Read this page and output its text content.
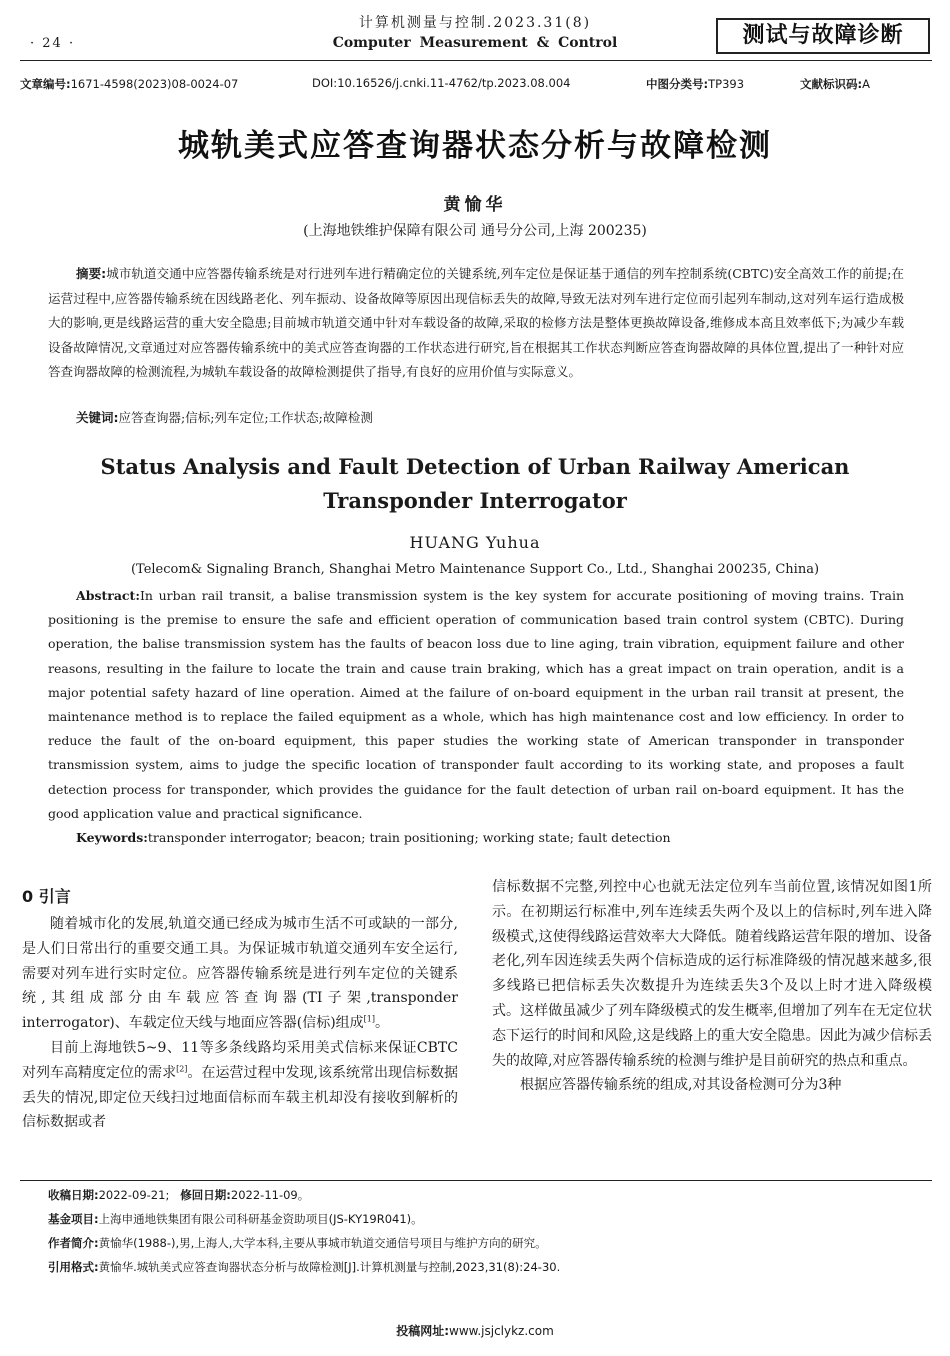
· 24 ·
计算机测量与控制.2023.31(8)
Computer Measurement & Control	测试与故障诊断
文章编号:1671-4598(2023)08-0024-07	DOI:10.16526/j.cnki.11-4762/tp.2023.08.004	中图分类号:TP393	文献标识码:A
城轨美式应答查询器状态分析与故障检测
黄愉华
(上海地铁维护保障有限公司 通号分公司,上海 200235)
摘要:城市轨道交通中应答器传输系统是对行进列车进行精确定位的关键系统,列车定位是保证基于通信的列车控制系统(CBTC)安全高效工作的前提;在运营过程中,应答器传输系统在因线路老化、列车振动、设备故障等原因出现信标丢失的故障,导致无法对列车进行定位而引起列车制动,这对列车运行造成极大的影响,更是线路运营的重大安全隐患;目前城市轨道交通中针对车载设备的故障,采取的检修方法是整体更换故障设备,维修成本高且效率低下;为减少车载设备故障情况,文章通过对应答器传输系统中的美式应答查询器的工作状态进行研究,旨在根据其工作状态判断应答查询器故障的具体位置,提出了一种针对应答查询器故障的检测流程,为城轨车载设备的故障检测提供了指导,有良好的应用价值与实际意义。
关键词:应答查询器;信标;列车定位;工作状态;故障检测
Status Analysis and Fault Detection of Urban Railway American
Transponder Interrogator
HUANG Yuhua
(Telecom& Signaling Branch, Shanghai Metro Maintenance Support Co., Ltd., Shanghai 200235, China)
Abstract:In urban rail transit, a balise transmission system is the key system for accurate positioning of moving trains. Train positioning is the premise to ensure the safe and efficient operation of communication based train control system (CBTC). During operation, the balise transmission system has the faults of beacon loss due to line aging, train vibration, equipment failure and other reasons, resulting in the failure to locate the train and cause train braking, which has a great impact on train operation, andit is a major potential safety hazard of line operation. Aimed at the failure of on-board equipment in the urban rail transit at present, the maintenance method is to replace the failed equipment as a whole, which has high maintenance cost and low efficiency. In order to reduce the fault of the on-board equipment, this paper studies the working state of American transponder in transponder transmission system, aims to judge the specific location of transponder fault according to its working state, and proposes a fault detection process for transponder, which provides the guidance for the fault detection of urban rail on-board equipment. It has the good application value and practical significance.
Keywords:transponder interrogator; beacon; train positioning; working state; fault detection
0 引言

随着城市化的发展,轨道交通已经成为城市生活不可或缺的一部分,是人们日常出行的重要交通工具。为保证城市轨道交通列车安全运行,需要对列车进行实时定位。应答器传输系统是进行列车定位的关键系统,其组成部分由车载应答查询器(TI子架,transponder interrogator)、车载定位天线与地面应答器(信标)组成[1]。

目前上海地铁5~9、11等多条线路均采用美式信标来保证CBTC对列车高精度定位的需求[2]。在运营过程中发现,该系统常出现信标数据丢失的情况,即定位天线扫过地面信标而车载主机却没有接收到解析的信标数据或者

信标数据不完整,列控中心也就无法定位列车当前位置,该情况如图1所示。在初期运行标准中,列车连续丢失两个及以上的信标时,列车进入降级模式,这使得线路运营效率大大降低。随着线路运营年限的增加、设备老化,列车因连续丢失两个信标造成的运行标准降级的情况越来越多,很多线路已把信标丢失次数提升为连续丢失3个及以上时才进入降级模式。这样做虽减少了列车降级模式的发生概率,但增加了列车在无定位状态下运行的时间和风险,这是线路上的重大安全隐患。因此为减少信标丢失的故障,对应答器传输系统的检测与维护是目前研究的热点和重点。

根据应答器传输系统的组成,对其设备检测可分为3种

收稿日期:2022-09-21; 修回日期:2022-11-09。
基金项目:上海申通地铁集团有限公司科研基金资助项目(JS-KY19R041)。
作者简介:黄愉华(1988-),男,上海人,大学本科,主要从事城市轨道交通信号项目与维护方向的研究。
引用格式:黄愉华.城轨美式应答查询器状态分析与故障检测[J].计算机测量与控制,2023,31(8):24-30.
投稿网址:www.jsjclykz.com
